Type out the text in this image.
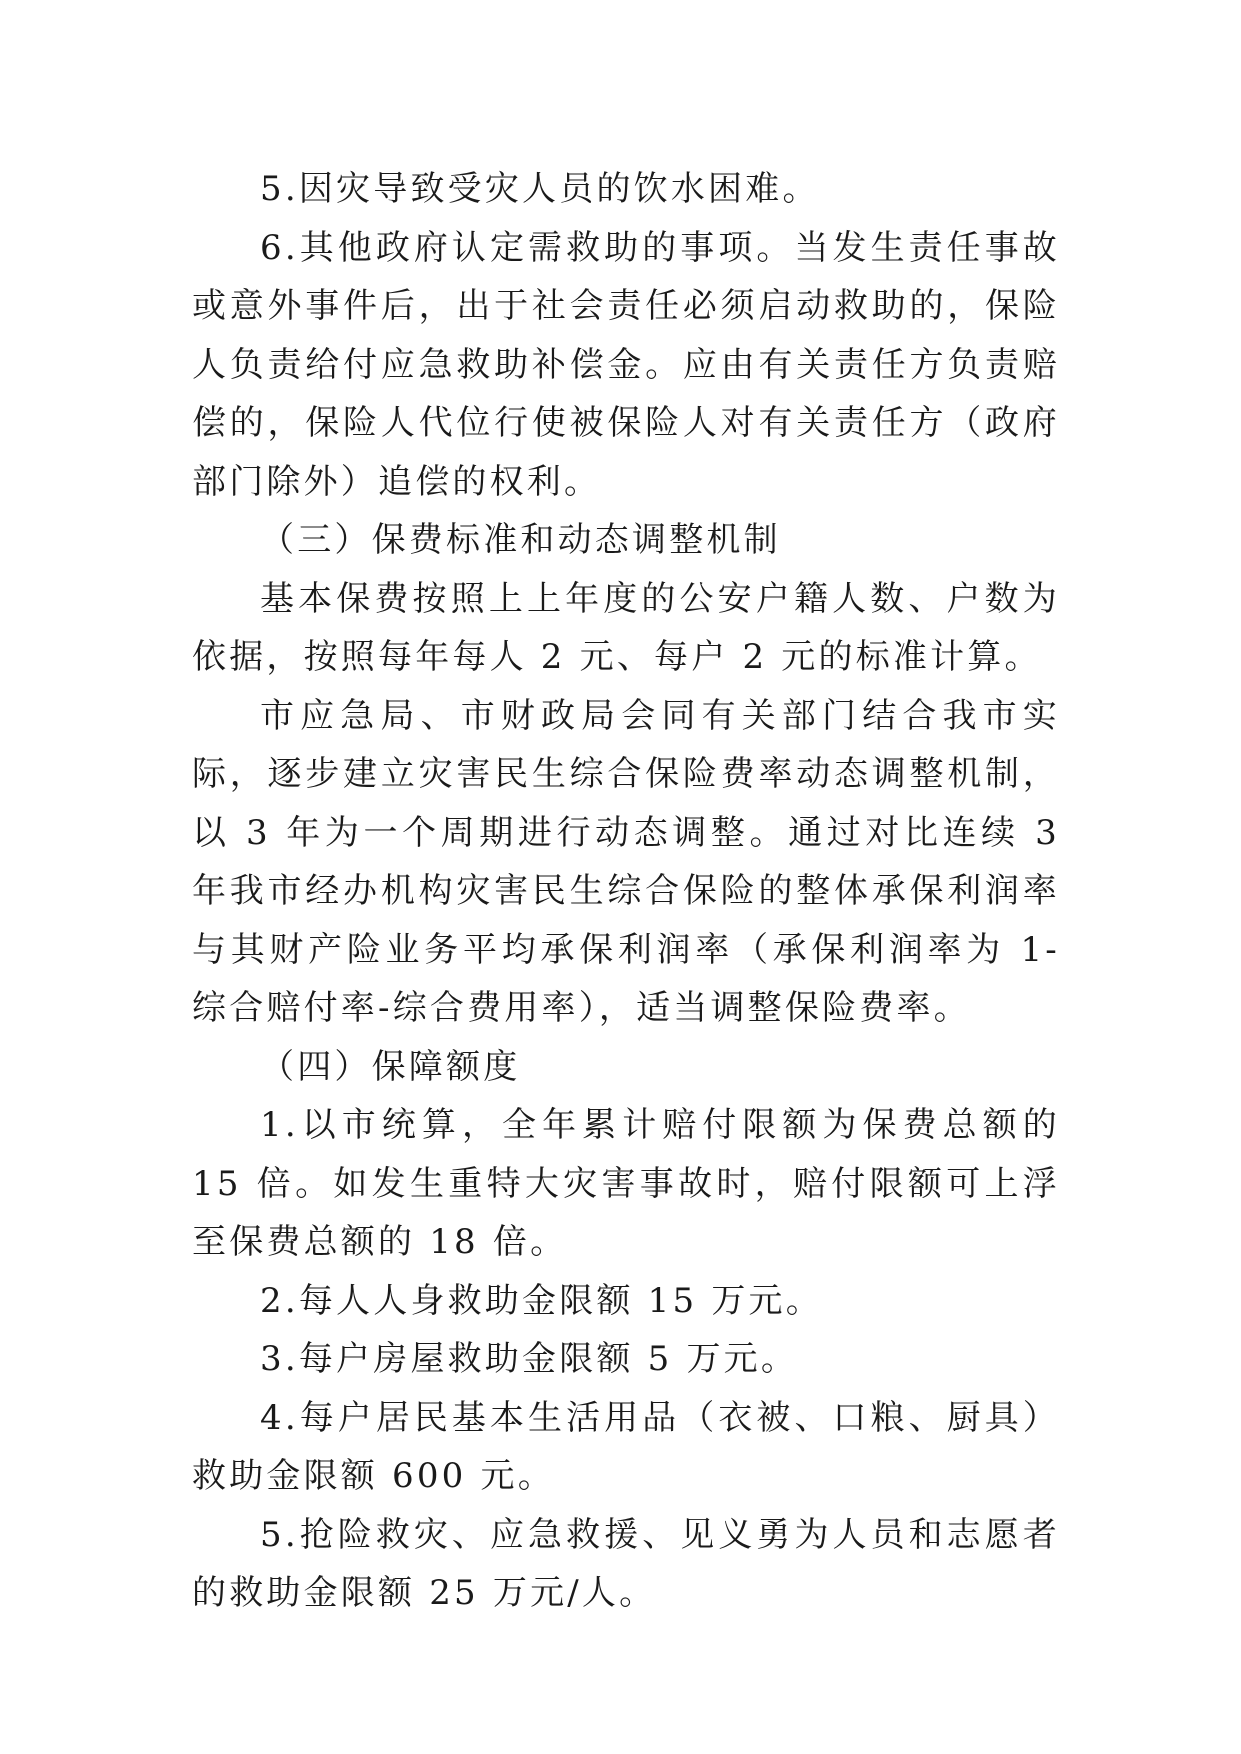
5.因灾导致受灾人员的饮水困难。

6.其他政府认定需救助的事项。当发生责任事故或意外事件后，出于社会责任必须启动救助的，保险人负责给付应急救助补偿金。应由有关责任方负责赔偿的，保险人代位行使被保险人对有关责任方（政府部门除外）追偿的权利。

（三）保费标准和动态调整机制

基本保费按照上上年度的公安户籍人数、户数为依据，按照每年每人 2 元、每户 2 元的标准计算。

市应急局、市财政局会同有关部门结合我市实际，逐步建立灾害民生综合保险费率动态调整机制，以 3 年为一个周期进行动态调整。通过对比连续 3 年我市经办机构灾害民生综合保险的整体承保利润率与其财产险业务平均承保利润率（承保利润率为 1-综合赔付率-综合费用率），适当调整保险费率。

（四）保障额度

1.以市统算，全年累计赔付限额为保费总额的 15 倍。如发生重特大灾害事故时，赔付限额可上浮至保费总额的 18 倍。

2.每人人身救助金限额 15 万元。

3.每户房屋救助金限额 5 万元。

4.每户居民基本生活用品（衣被、口粮、厨具）救助金限额 600 元。

5.抢险救灾、应急救援、见义勇为人员和志愿者的救助金限额 25 万元/人。
